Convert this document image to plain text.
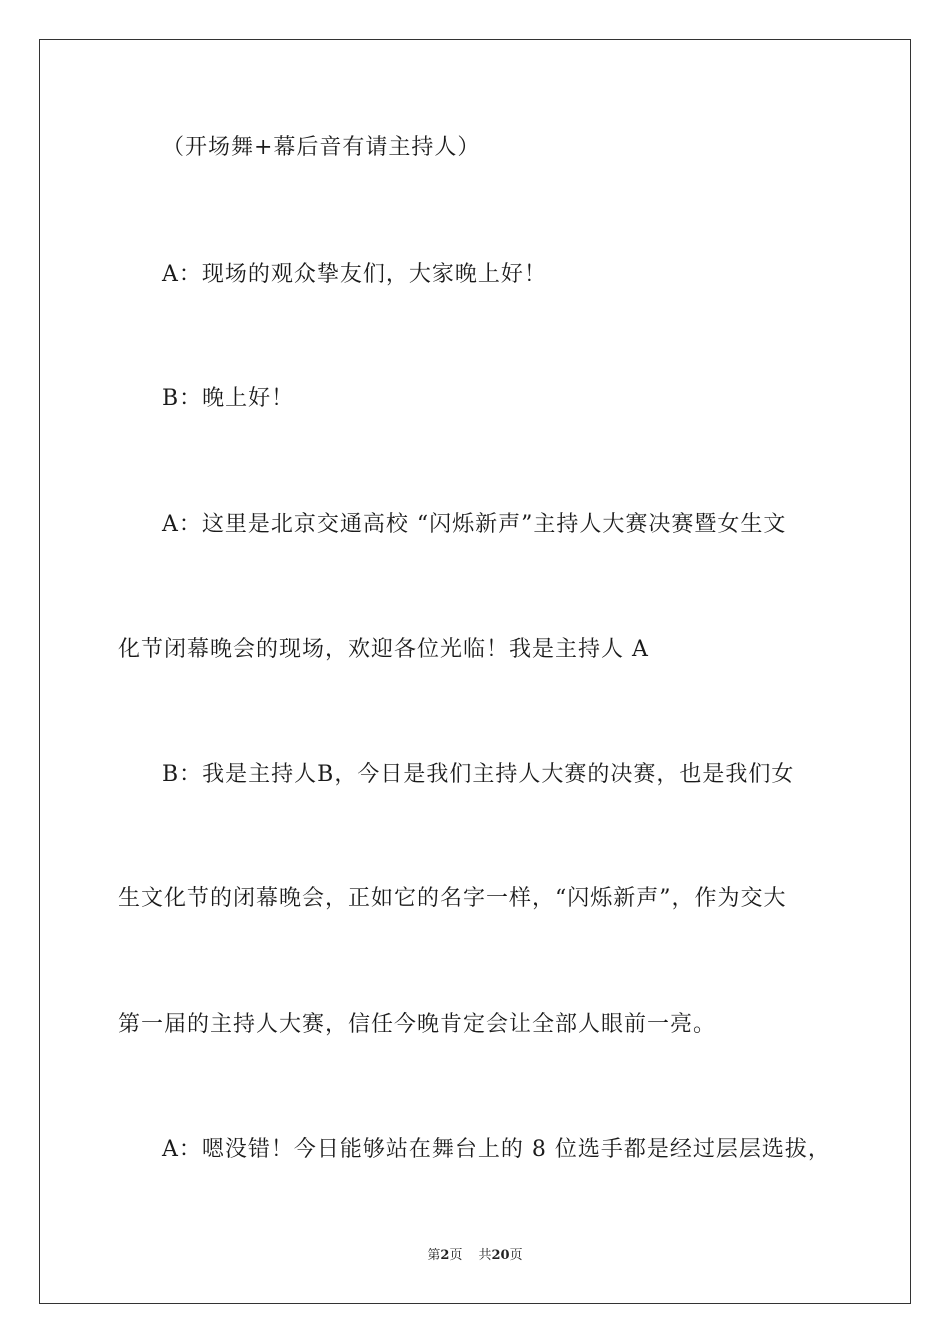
（开场舞+幕后音有请主持人）
A：现场的观众挚友们，大家晚上好！
B：晚上好！
A：这里是北京交通高校 “闪烁新声”主持人大赛决赛暨女生文
化节闭幕晚会的现场，欢迎各位光临！我是主持人 A
B：我是主持人B，今日是我们主持人大赛的决赛，也是我们女
生文化节的闭幕晚会，正如它的名字一样，“闪烁新声”，作为交大
第一届的主持人大赛，信任今晚肯定会让全部人眼前一亮。
A：嗯没错！今日能够站在舞台上的 8 位选手都是经过层层选拔，
第2页 共20页
